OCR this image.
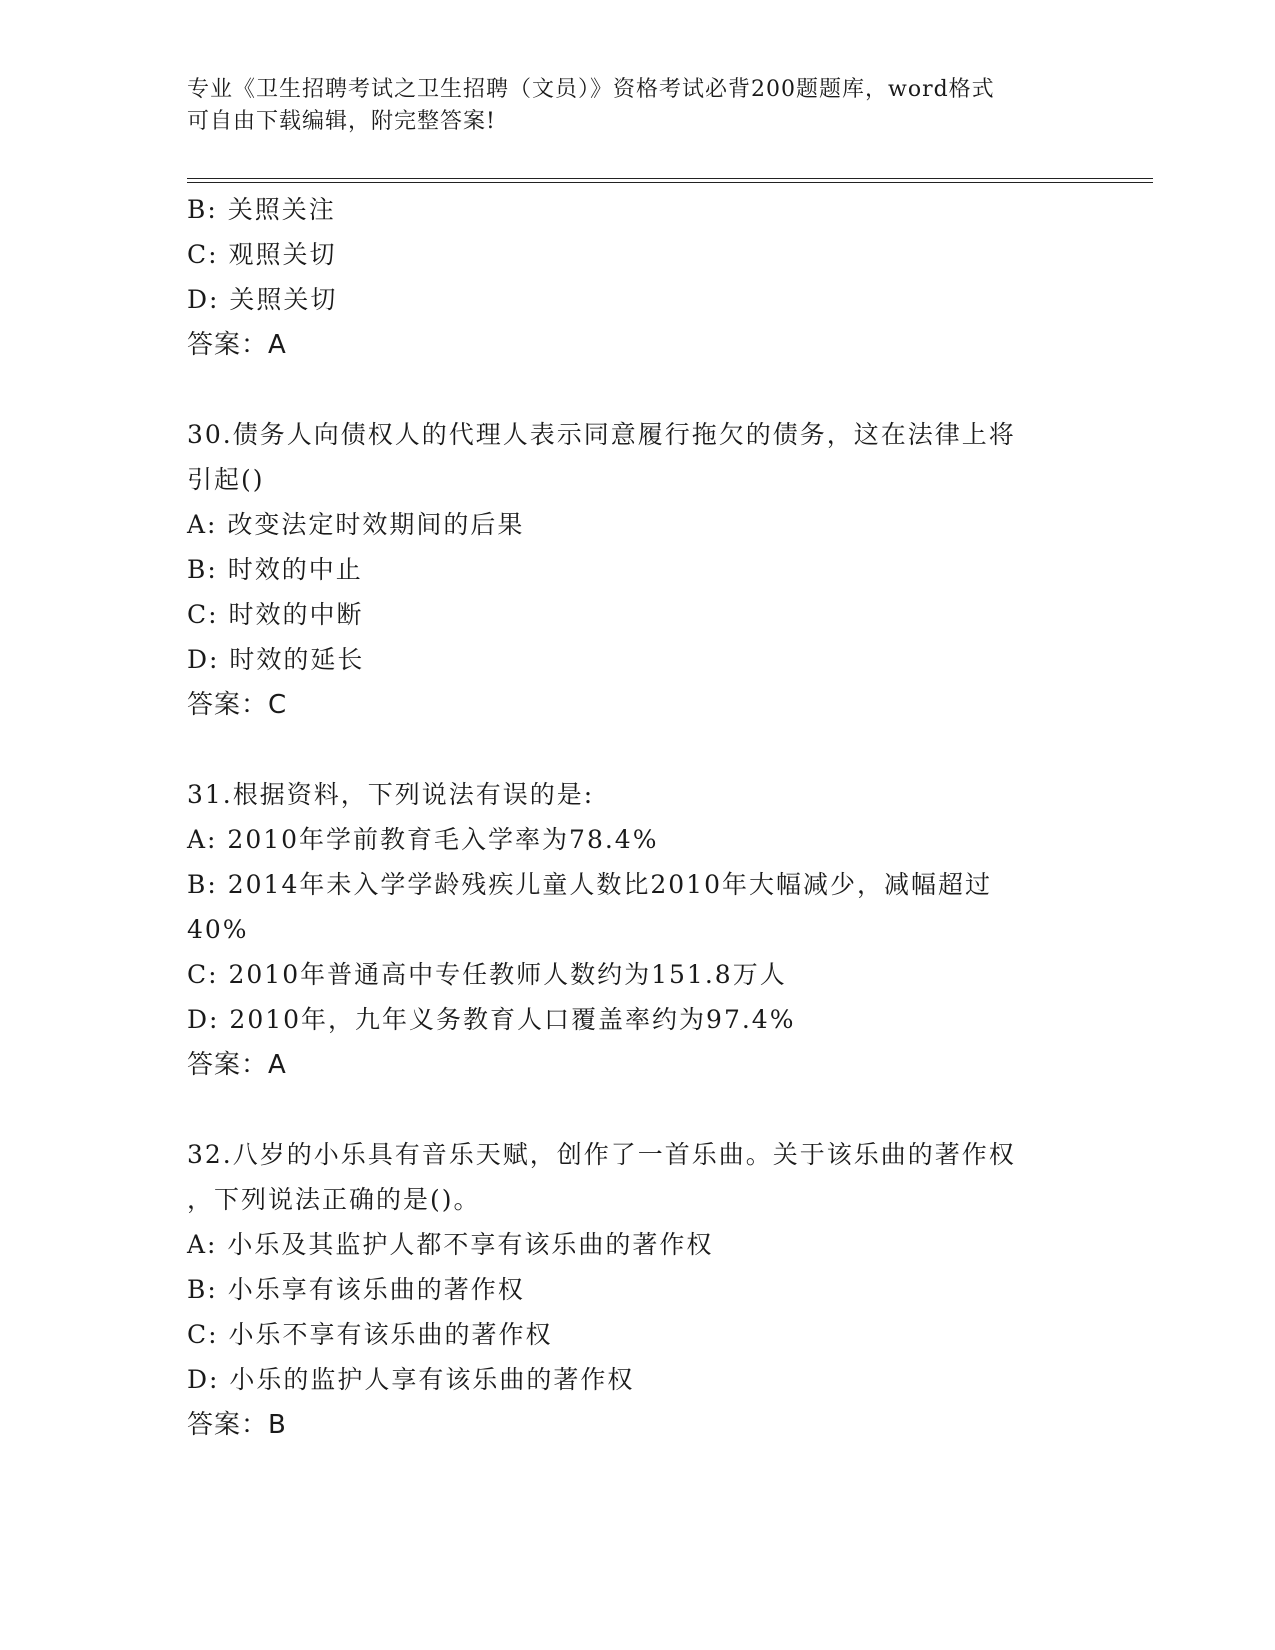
专业《卫生招聘考试之卫生招聘（文员）》资格考试必背200题题库，word格式
可自由下载编辑，附完整答案!
B: 关照关注
C: 观照关切
D: 关照关切
答案：A
30.债务人向债权人的代理人表示同意履行拖欠的债务，这在法律上将
引起()
A: 改变法定时效期间的后果
B: 时效的中止
C: 时效的中断
D: 时效的延长
答案：C
31.根据资料，下列说法有误的是:
A: 2010年学前教育毛入学率为78.4%
B: 2014年未入学学龄残疾儿童人数比2010年大幅减少，减幅超过
40%
C: 2010年普通高中专任教师人数约为151.8万人
D: 2010年，九年义务教育人口覆盖率约为97.4%
答案：A
32.八岁的小乐具有音乐天赋，创作了一首乐曲。关于该乐曲的著作权
，下列说法正确的是()。
A: 小乐及其监护人都不享有该乐曲的著作权
B: 小乐享有该乐曲的著作权
C: 小乐不享有该乐曲的著作权
D: 小乐的监护人享有该乐曲的著作权
答案：B
